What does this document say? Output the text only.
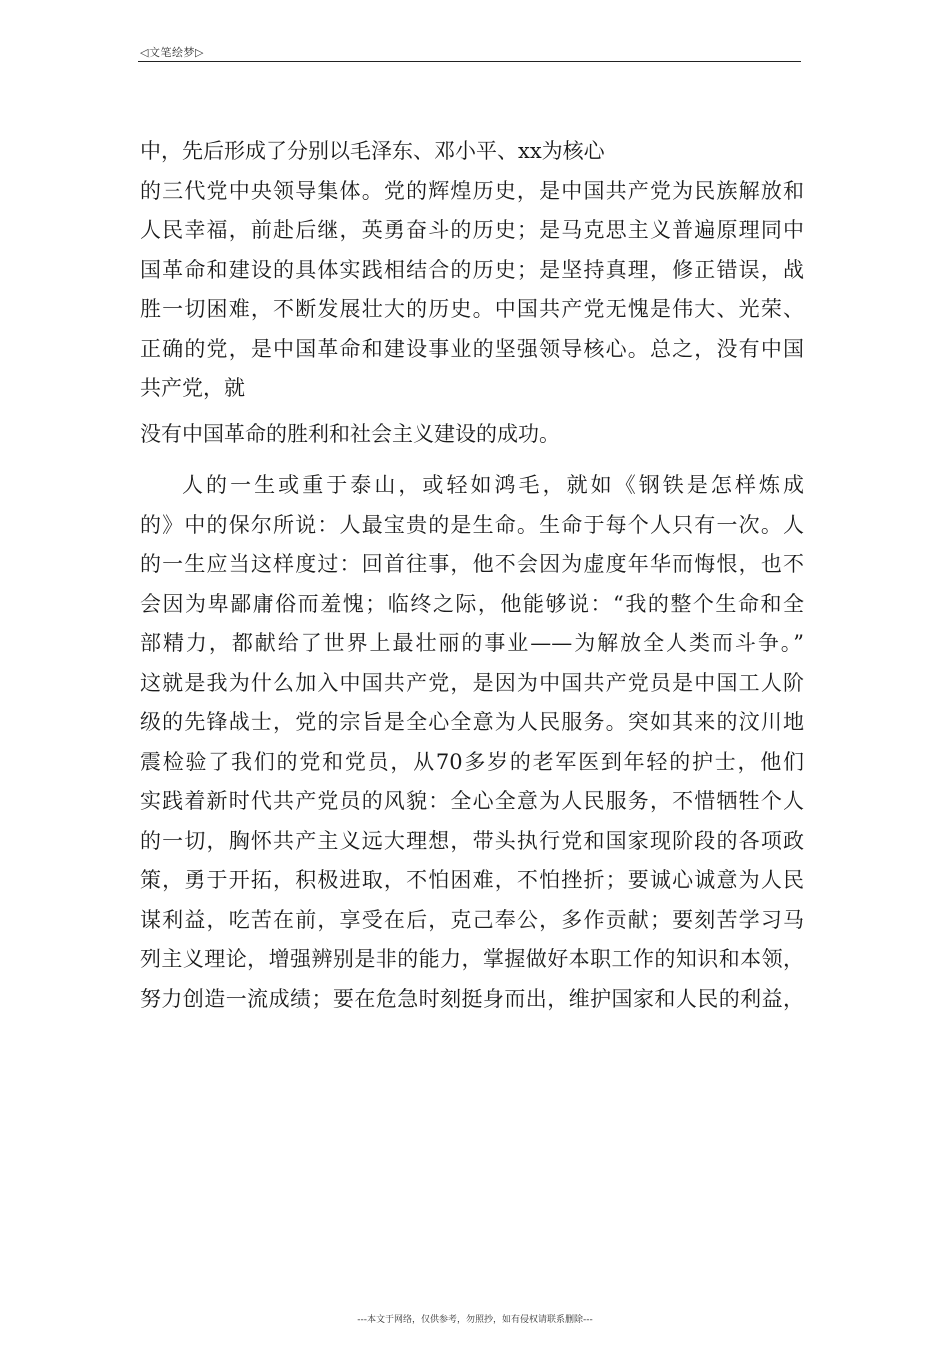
◁文笔绘梦▷
中，先后形成了分别以毛泽东、邓小平、xx为核心
的三代党中央领导集体。党的辉煌历史，是中国共产党为民族解放和
人民幸福，前赴后继，英勇奋斗的历史；是马克思主义普遍原理同中
国革命和建设的具体实践相结合的历史；是坚持真理，修正错误，战
胜一切困难，不断发展壮大的历史。中国共产党无愧是伟大、光荣、
正确的党，是中国革命和建设事业的坚强领导核心。总之，没有中国
共产党，就
没有中国革命的胜利和社会主义建设的成功。
人的一生或重于泰山，或轻如鸿毛，就如《钢铁是怎样炼成
的》中的保尔所说：人最宝贵的是生命。生命于每个人只有一次。人
的一生应当这样度过：回首往事，他不会因为虚度年华而悔恨，也不
会因为卑鄙庸俗而羞愧；临终之际，他能够说：“我的整个生命和全
部精力，都献给了世界上最壮丽的事业——为解放全人类而斗争。”
这就是我为什么加入中国共产党，是因为中国共产党员是中国工人阶
级的先锋战士，党的宗旨是全心全意为人民服务。突如其来的汶川地
震检验了我们的党和党员，从70多岁的老军医到年轻的护士，他们
实践着新时代共产党员的风貌：全心全意为人民服务，不惜牺牲个人
的一切，胸怀共产主义远大理想，带头执行党和国家现阶段的各项政
策，勇于开拓，积极进取，不怕困难，不怕挫折；要诚心诚意为人民
谋利益，吃苦在前，享受在后，克己奉公，多作贡献；要刻苦学习马
列主义理论，增强辨别是非的能力，掌握做好本职工作的知识和本领，
努力创造一流成绩；要在危急时刻挺身而出，维护国家和人民的利益，
---本文于网络，仅供参考，勿照抄，如有侵权请联系删除---
